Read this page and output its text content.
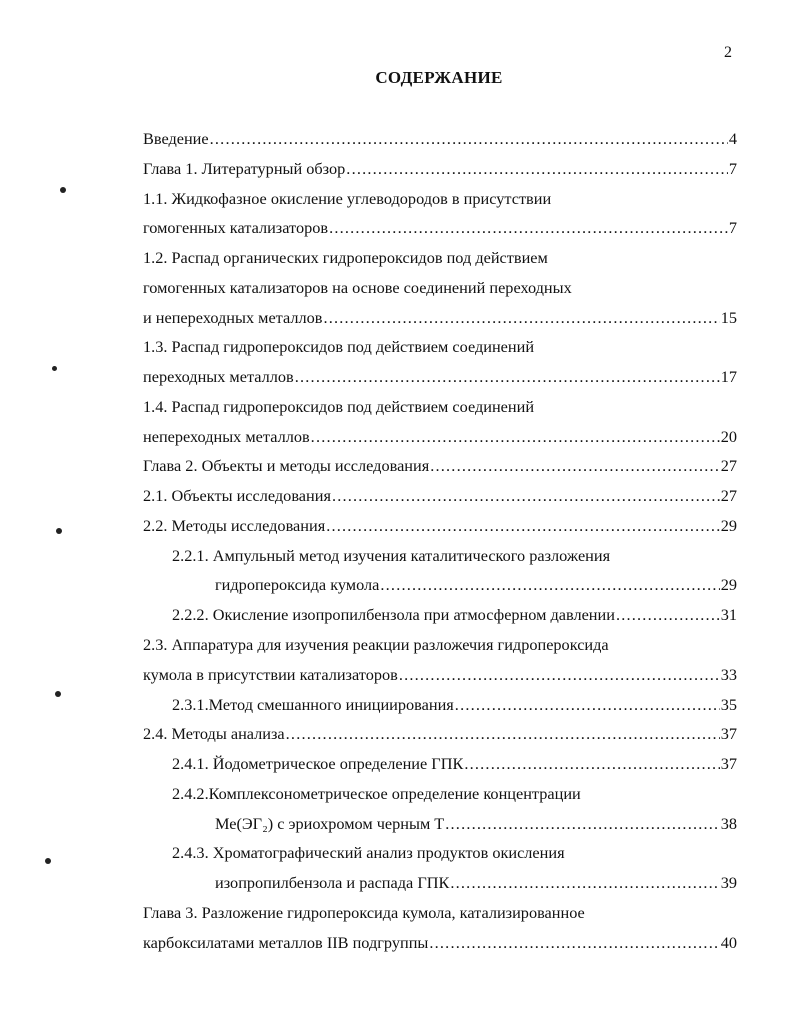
2
СОДЕРЖАНИЕ
Введение .....	4
Глава 1. Литературный обзор .....	7
1.1. Жидкофазное окисление углеводородов в присутствии
гомогенных катализаторов .....	7
1.2. Распад органических гидропероксидов под действием
гомогенных катализаторов на основе соединений переходных
и непереходных металлов .....	15
1.3. Распад гидропероксидов под действием соединений
переходных металлов .....	17
1.4. Распад гидропероксидов под действием соединений
непереходных металлов .....	20
Глава 2. Объекты и методы исследования .....	27
2.1. Объекты исследования .....	27
2.2. Методы исследования .....	29
2.2.1. Ампульный метод изучения каталитического разложения
гидропероксида кумола .....	29
2.2.2. Окисление изопропилбензола при атмосферном давлении .....	31
2.3. Аппаратура для изучения реакции разложечия гидропероксида
кумола в присутствии катализаторов .....	33
2.3.1.Метод смешанного инициирования .....	35
2.4. Методы анализа .....	37
2.4.1. Йодометрическое определение ГПК .....	37
2.4.2.Комплексонометрическое определение концентрации
Ме(ЭГ₂) с эриохромом черным Т .....	38
2.4.3. Хроматографический анализ продуктов окисления
изопропилбензола и распада ГПК .....	39
Глава 3. Разложение гидропероксида кумола, катализированное
карбоксилатами металлов IIB подгруппы .....	40
